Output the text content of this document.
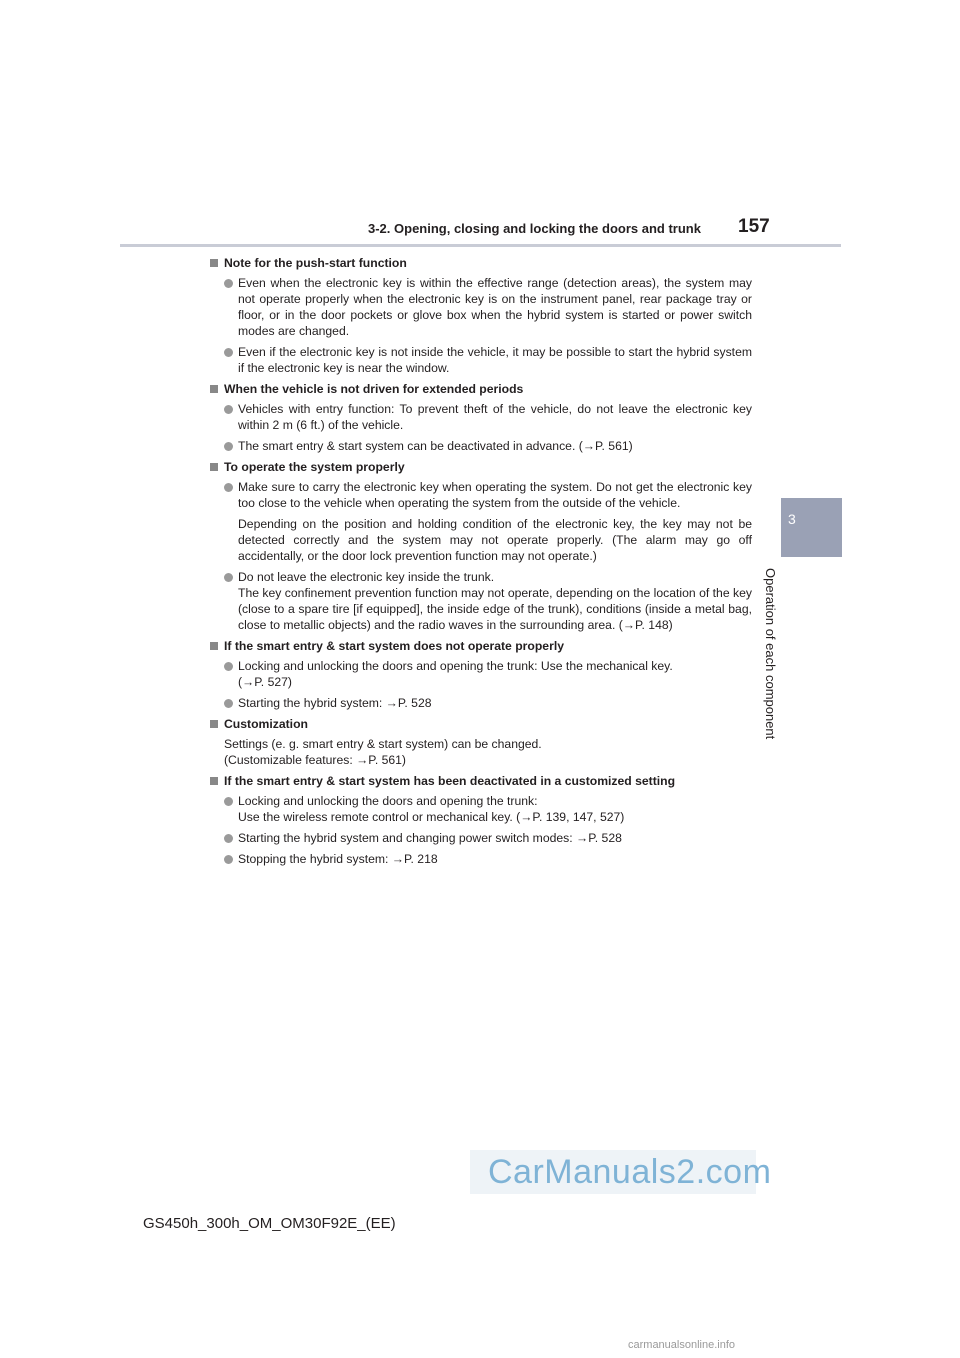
3-2. Opening, closing and locking the doors and trunk	157
3
Operation of each component
Note for the push-start function

Even when the electronic key is within the effective range (detection areas), the system may not operate properly when the electronic key is on the instrument panel, rear package tray or floor, or in the door pockets or glove box when the hybrid system is started or power switch modes are changed.

Even if the electronic key is not inside the vehicle, it may be possible to start the hybrid system if the electronic key is near the window.

When the vehicle is not driven for extended periods

Vehicles with entry function: To prevent theft of the vehicle, do not leave the electronic key within 2 m (6 ft.) of the vehicle.

The smart entry & start system can be deactivated in advance. (→P. 561)

To operate the system properly

Make sure to carry the electronic key when operating the system. Do not get the electronic key too close to the vehicle when operating the system from the outside of the vehicle.

Depending on the position and holding condition of the electronic key, the key may not be detected correctly and the system may not operate properly. (The alarm may go off accidentally, or the door lock prevention function may not operate.)

Do not leave the electronic key inside the trunk.

The key confinement prevention function may not operate, depending on the location of the key (close to a spare tire [if equipped], the inside edge of the trunk), conditions (inside a metal bag, close to metallic objects) and the radio waves in the surrounding area. (→P. 148)

If the smart entry & start system does not operate properly

Locking and unlocking the doors and opening the trunk: Use the mechanical key.

(→P. 527)

Starting the hybrid system: →P. 528

Customization

Settings (e. g. smart entry & start system) can be changed.

(Customizable features: →P. 561)

If the smart entry & start system has been deactivated in a customized setting

Locking and unlocking the doors and opening the trunk:

Use the wireless remote control or mechanical key. (→P. 139, 147, 527)

Starting the hybrid system and changing power switch modes: →P. 528

Stopping the hybrid system: →P. 218

GS450h_300h_OM_OM30F92E_(EE)
CarManuals2.com
carmanualsonline.info
